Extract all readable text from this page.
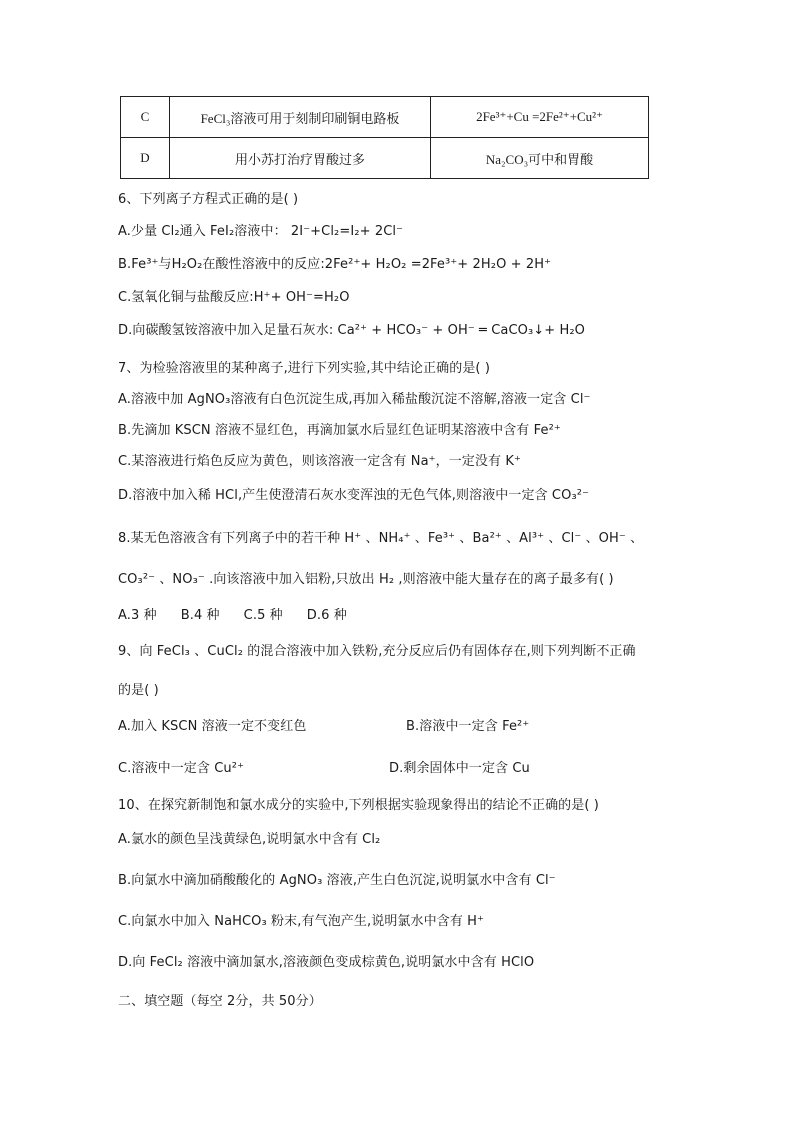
C	FeCl₃溶液可用于刻制印刷铜电路板	2Fe³⁺+Cu =2Fe²⁺+Cu²⁺
D	用小苏打治疗胃酸过多	Na₂CO₃可中和胃酸
6、下列离子方程式正确的是( )
A.少量 Cl₂通入 FeI₂溶液中： 2I⁻+Cl₂=I₂+ 2Cl⁻
B.Fe³⁺与H₂O₂在酸性溶液中的反应:2Fe²⁺+ H₂O₂ =2Fe³⁺+ 2H₂O + 2H⁺
C.氢氧化铜与盐酸反应:H⁺+ OH⁻=H₂O
D.向碳酸氢铵溶液中加入足量石灰水: Ca²⁺ + HCO₃⁻ + OH⁻ ═ CaCO₃↓+ H₂O
7、为检验溶液里的某种离子,进行下列实验,其中结论正确的是( )
A.溶液中加 AgNO₃溶液有白色沉淀生成,再加入稀盐酸沉淀不溶解,溶液一定含 Cl⁻
B.先滴加 KSCN 溶液不显红色，再滴加氯水后显红色证明某溶液中含有 Fe²⁺
C.某溶液进行焰色反应为黄色，则该溶液一定含有 Na⁺，一定没有 K⁺
D.溶液中加入稀 HCl,产生使澄清石灰水变浑浊的无色气体,则溶液中一定含 CO₃²⁻
8.某无色溶液含有下列离子中的若干种 H⁺ 、NH₄⁺ 、Fe³⁺ 、Ba²⁺ 、Al³⁺ 、Cl⁻ 、OH⁻ 、
CO₃²⁻ 、NO₃⁻ .向该溶液中加入铝粉,只放出 H₂ ,则溶液中能大量存在的离子最多有( )
A.3 种 B.4 种 C.5 种 D.6 种
9、向 FeCl₃ 、CuCl₂ 的混合溶液中加入铁粉,充分反应后仍有固体存在,则下列判断不正确
的是( )
A.加入 KSCN 溶液一定不变红色	B.溶液中一定含 Fe²⁺
C.溶液中一定含 Cu²⁺	D.剩余固体中一定含 Cu
10、在探究新制饱和氯水成分的实验中,下列根据实验现象得出的结论不正确的是( )
A.氯水的颜色呈浅黄绿色,说明氯水中含有 Cl₂
B.向氯水中滴加硝酸酸化的 AgNO₃ 溶液,产生白色沉淀,说明氯水中含有 Cl⁻
C.向氯水中加入 NaHCO₃ 粉末,有气泡产生,说明氯水中含有 H⁺
D.向 FeCl₂ 溶液中滴加氯水,溶液颜色变成棕黄色,说明氯水中含有 HClO
二、填空题（每空 2分，共 50分）
